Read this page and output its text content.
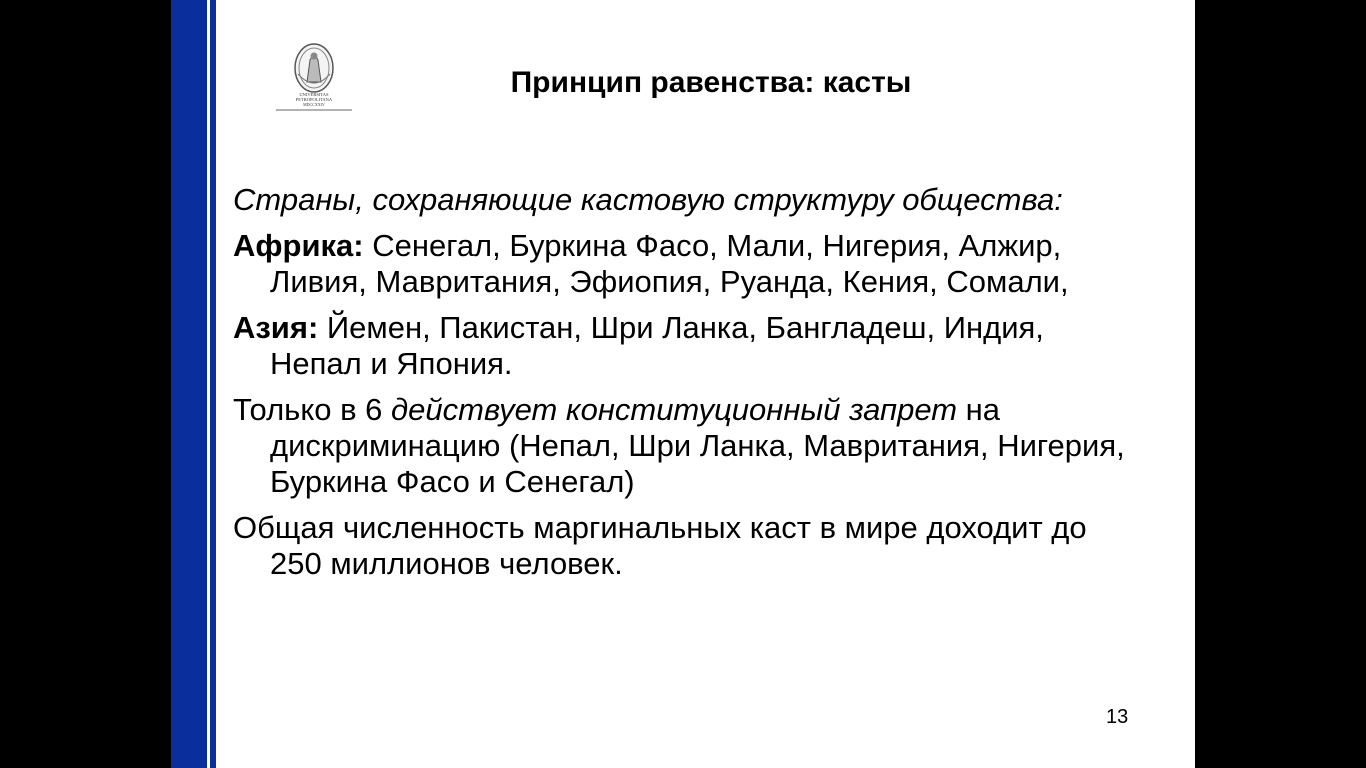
UNIVERSITAS
PETROPOLITANA
MDCCXXIV
Принцип равенства: касты

Страны, сохраняющие кастовую структуру общества:

Африка: Сенегал, Буркина Фасо, Мали, Нигерия, Алжир, Ливия, Мавритания, Эфиопия, Руанда, Кения, Сомали,

Азия: Йемен, Пакистан, Шри Ланка, Бангладеш, Индия, Непал и Япония.

Только в 6 действует конституционный запрет на дискриминацию (Непал, Шри Ланка, Мавритания, Нигерия, Буркина Фасо и Сенегал)

Общая численность маргинальных каст в мире доходит до 250 миллионов человек.

13
